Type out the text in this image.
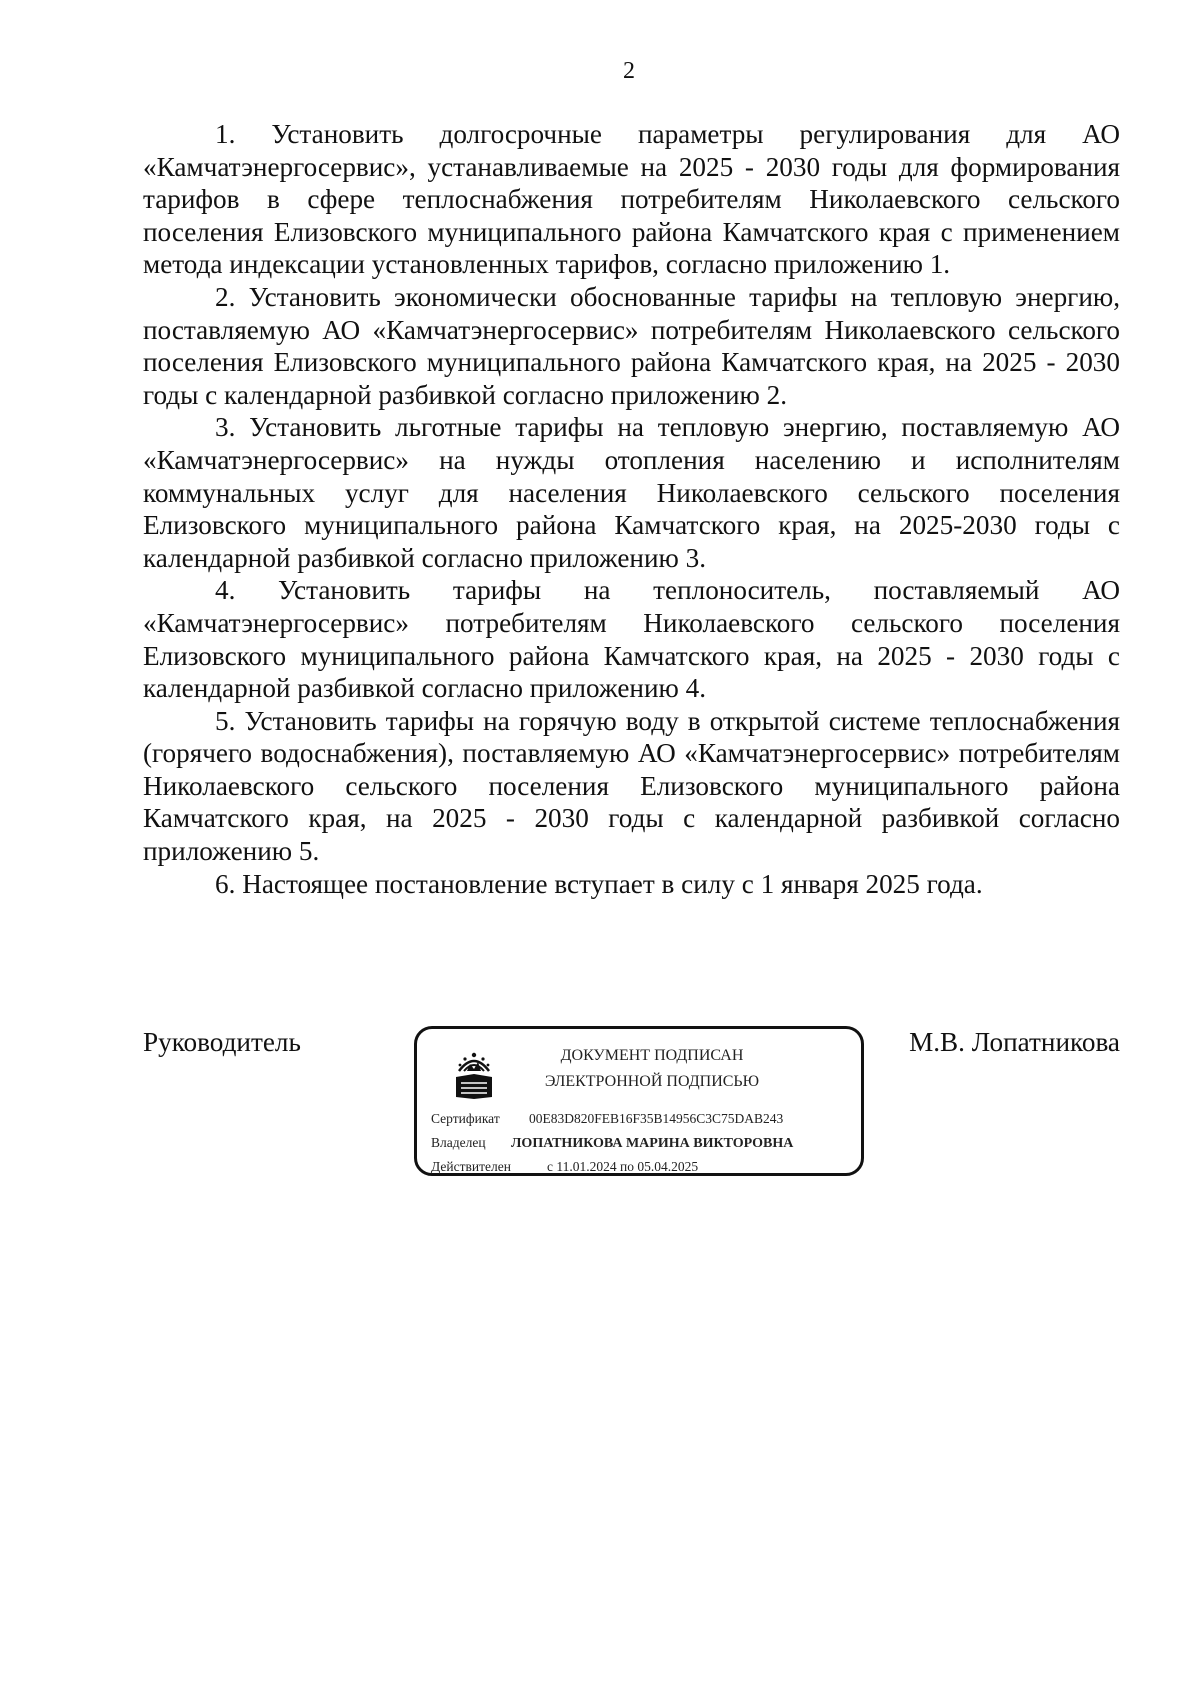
2

1. Установить долгосрочные параметры регулирования для АО «Камчатэнергосервис», устанавливаемые на 2025 - 2030 годы для формирования тарифов в сфере теплоснабжения потребителям Николаевского сельского поселения Елизовского муниципального района Камчатского края с применением метода индексации установленных тарифов, согласно приложению 1.

2. Установить экономически обоснованные тарифы на тепловую энергию, поставляемую АО «Камчатэнергосервис» потребителям Николаевского сельского поселения Елизовского муниципального района Камчатского края, на 2025 - 2030 годы с календарной разбивкой согласно приложению 2.

3. Установить льготные тарифы на тепловую энергию, поставляемую АО «Камчатэнергосервис» на нужды отопления населению и исполнителям коммунальных услуг для населения Николаевского сельского поселения Елизовского муниципального района Камчатского края, на 2025-2030 годы с календарной разбивкой согласно приложению 3.

4. Установить тарифы на теплоноситель, поставляемый АО «Камчатэнергосервис» потребителям Николаевского сельского поселения Елизовского муниципального района Камчатского края, на 2025 - 2030 годы с календарной разбивкой согласно приложению 4.

5. Установить тарифы на горячую воду в открытой системе теплоснабжения (горячего водоснабжения), поставляемую АО «Камчатэнергосервис» потребителям Николаевского сельского поселения Елизовского муниципального района Камчатского края, на 2025 - 2030 годы с календарной разбивкой согласно приложению 5.

6. Настоящее постановление вступает в силу с 1 января 2025 года.

Руководитель	ДОКУМЕНТ ПОДПИСАН
ЭЛЕКТРОННОЙ ПОДПИСЬЮ
Сертификат 00E83D820FEB16F35B14956C3C75DAB243
Владелец ЛОПАТНИКОВА МАРИНА ВИКТОРОВНА
Действителен	с 11.01.2024 по 05.04.2025
М.В. Лопатникова
